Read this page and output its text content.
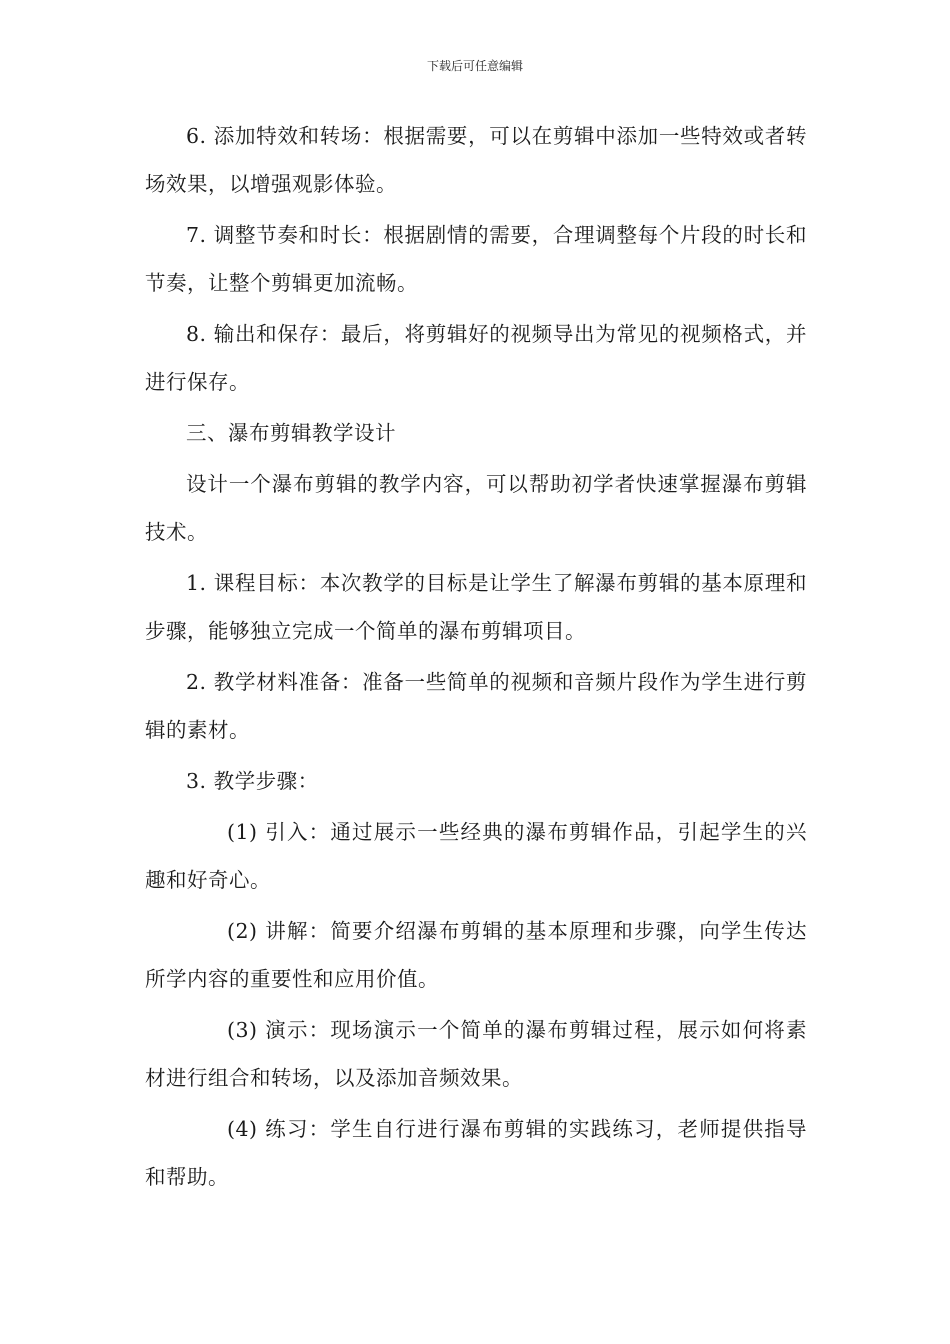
下载后可任意编辑

6. 添加特效和转场：根据需要，可以在剪辑中添加一些特效或者转场效果，以增强观影体验。

7. 调整节奏和时长：根据剧情的需要，合理调整每个片段的时长和节奏，让整个剪辑更加流畅。

8. 输出和保存：最后，将剪辑好的视频导出为常见的视频格式，并进行保存。

三、瀑布剪辑教学设计

设计一个瀑布剪辑的教学内容，可以帮助初学者快速掌握瀑布剪辑技术。

1. 课程目标：本次教学的目标是让学生了解瀑布剪辑的基本原理和步骤，能够独立完成一个简单的瀑布剪辑项目。

2. 教学材料准备：准备一些简单的视频和音频片段作为学生进行剪辑的素材。

3. 教学步骤：

(1) 引入：通过展示一些经典的瀑布剪辑作品，引起学生的兴趣和好奇心。

(2) 讲解：简要介绍瀑布剪辑的基本原理和步骤，向学生传达所学内容的重要性和应用价值。

(3) 演示：现场演示一个简单的瀑布剪辑过程，展示如何将素材进行组合和转场，以及添加音频效果。

(4) 练习：学生自行进行瀑布剪辑的实践练习，老师提供指导和帮助。
